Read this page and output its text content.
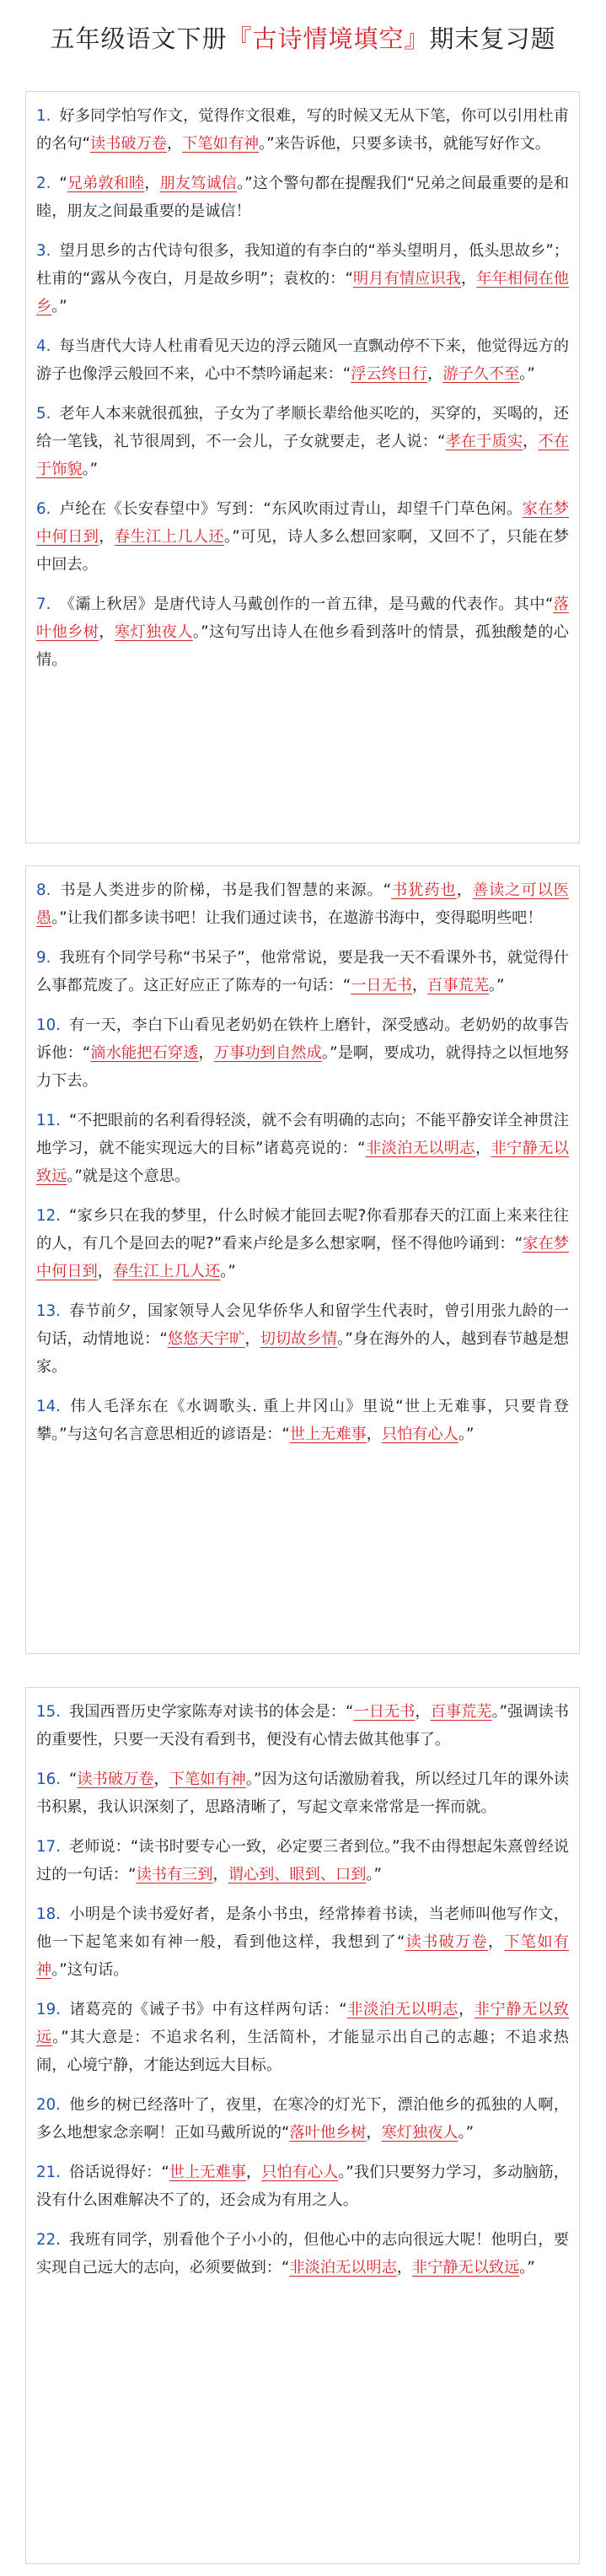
五年级语文下册『古诗情境填空』期末复习题
1. 好多同学怕写作文，觉得作文很难，写的时候又无从下笔，你可以引用杜甫的名句“读书破万卷，下笔如有神。”来告诉他，只要多读书，就能写好作文。
2. “兄弟敦和睦，朋友笃诚信。”这个警句都在提醒我们“兄弟之间最重要的是和睦，朋友之间最重要的是诚信！
3. 望月思乡的古代诗句很多，我知道的有李白的“举头望明月，低头思故乡”；杜甫的“露从今夜白，月是故乡明”；袁枚的：“明月有情应识我，年年相伺在他乡。”
4. 每当唐代大诗人杜甫看见天边的浮云随风一直飘动停不下来，他觉得远方的游子也像浮云般回不来，心中不禁吟诵起来：“浮云终日行，游子久不至。”
5. 老年人本来就很孤独，子女为了孝顺长辈给他买吃的，买穿的，买喝的，还给一笔钱，礼节很周到，不一会儿，子女就要走，老人说：“孝在于质实，不在于饰貌。”
6. 卢纶在《长安春望中》写到：“东风吹雨过青山，却望千门草色闲。家在梦中何日到，春生江上几人还。”可见，诗人多么想回家啊，又回不了，只能在梦中回去。
7. 《灞上秋居》是唐代诗人马戴创作的一首五律，是马戴的代表作。其中“落叶他乡树，寒灯独夜人。”这句写出诗人在他乡看到落叶的情景，孤独酸楚的心情。
8. 书是人类进步的阶梯，书是我们智慧的来源。“书犹药也，善读之可以医愚。”让我们都多读书吧！让我们通过读书，在遨游书海中，变得聪明些吧！
9. 我班有个同学号称“书呆子”，他常常说，要是我一天不看课外书，就觉得什么事都荒废了。这正好应正了陈寿的一句话：“一日无书，百事荒芜。”
10. 有一天，李白下山看见老奶奶在铁杵上磨针，深受感动。老奶奶的故事告诉他：“滴水能把石穿透，万事功到自然成。”是啊，要成功，就得持之以恒地努力下去。
11. “不把眼前的名利看得轻淡，就不会有明确的志向；不能平静安详全神贯注地学习，就不能实现远大的目标”诸葛亮说的：“非淡泊无以明志，非宁静无以致远。”就是这个意思。
12. “家乡只在我的梦里，什么时候才能回去呢?你看那春天的江面上来来往往的人，有几个是回去的呢?”看来卢纶是多么想家啊，怪不得他吟诵到：“家在梦中何日到，春生江上几人还。”
13. 春节前夕，国家领导人会见华侨华人和留学生代表时，曾引用张九龄的一句话，动情地说：“悠悠天宇旷，切切故乡情。”身在海外的人，越到春节越是想家。
14. 伟人毛泽东在《水调歌头. 重上井冈山》里说“世上无难事，只要肯登攀。”与这句名言意思相近的谚语是：“世上无难事，只怕有心人。”
15. 我国西晋历史学家陈寿对读书的体会是：“一日无书，百事荒芜。”强调读书的重要性，只要一天没有看到书，便没有心情去做其他事了。
16. “读书破万卷，下笔如有神。”因为这句话激励着我，所以经过几年的课外读书积累，我认识深刻了，思路清晰了，写起文章来常常是一挥而就。
17. 老师说：“读书时要专心一致，必定要三者到位。”我不由得想起朱熹曾经说过的一句话：“读书有三到，谓心到、眼到、口到。”
18. 小明是个读书爱好者，是条小书虫，经常捧着书读，当老师叫他写作文，他一下起笔来如有神一般，看到他这样，我想到了“读书破万卷，下笔如有神。”这句话。
19. 诸葛亮的《诫子书》中有这样两句话：“非淡泊无以明志，非宁静无以致远。”其大意是：不追求名利，生活简朴，才能显示出自己的志趣；不追求热闹，心境宁静，才能达到远大目标。
20. 他乡的树已经落叶了，夜里，在寒冷的灯光下，漂泊他乡的孤独的人啊，多么地想家念亲啊！正如马戴所说的“落叶他乡树，寒灯独夜人。”
21. 俗话说得好：“世上无难事，只怕有心人。”我们只要努力学习，多动脑筋，没有什么困难解决不了的，还会成为有用之人。
22. 我班有同学，别看他个子小小的，但他心中的志向很远大呢！他明白，要实现自己远大的志向，必须要做到：“非淡泊无以明志，非宁静无以致远。”
